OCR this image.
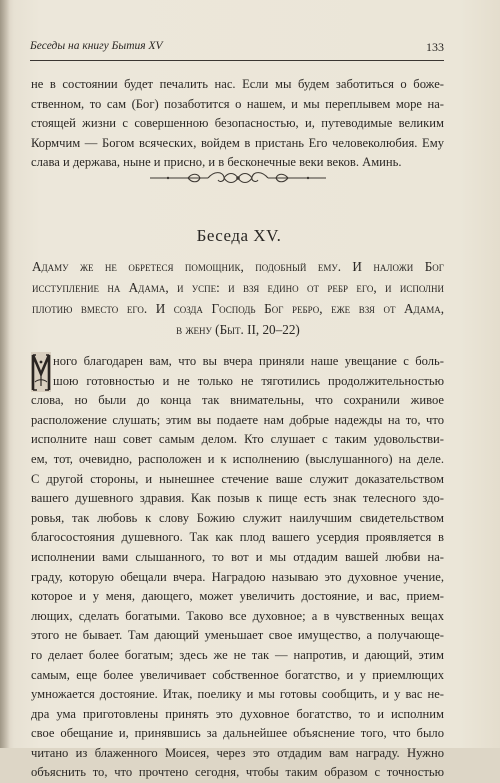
Беседы на книгу Бытия XV	133
не в состоянии будет печалить нас. Если мы будем заботиться о боже-
ственном, то сам (Бог) позаботится о нашем, и мы переплывем море на-
стоящей жизни с совершенною безопасностью, и, путеводимые великим
Кормчим — Богом всяческих, войдем в пристань Его человеколюбия. Ему
слава и держава, ныне и присно, и в бесконечные веки веков. Аминь.
Беседа XV.
Адаму же не обретеся помощник, подобный ему. И наложи Бог
исступление на Адама, и успе: и взя едино от ребр его, и исполни
плотию вместо его. И созда Господь Бог ребро, еже взя от Адама,
в жену (Быт. II, 20–22)
ного благодарен вам, что вы вчера приняли наше увещание с боль-
шою готовностью и не только не тяготились продолжительностью
слова, но были до конца так внимательны, что сохранили живое
расположение слушать; этим вы подаете нам добрые надежды на то, что
исполните наш совет самым делом. Кто слушает с таким удовольстви-
ем, тот, очевидно, расположен и к исполнению (выслушанного) на деле.
С другой стороны, и нынешнее стечение ваше служит доказательством
вашего душевного здравия. Как позыв к пище есть знак телесного здо-
ровья, так любовь к слову Божию служит наилучшим свидетельством
благосостояния душевного. Так как плод вашего усердия проявляется в
исполнении вами слышанного, то вот и мы отдадим вашей любви на-
граду, которую обещали вчера. Наградою называю это духовное учение,
которое и у меня, дающего, может увеличить достояние, и вас, прием-
лющих, сделать богатыми. Таково все духовное; а в чувственных вещах
этого не бывает. Там дающий уменьшает свое имущество, а получающе-
го делает более богатым; здесь же не так — напротив, и дающий, этим
самым, еще более увеличивает собственное богатство, и у приемлющих
умножается достояние. Итак, поелику и мы готовы сообщить, и у вас не-
дра ума приготовлены принять это духовное богатство, то и исполним
свое обещание и, принявшись за дальнейшее объяснение того, что было
читано из блаженного Моисея, через это отдадим вам награду. Нужно
объяснить то, что прочтено сегодня, чтобы таким образом с точностью
